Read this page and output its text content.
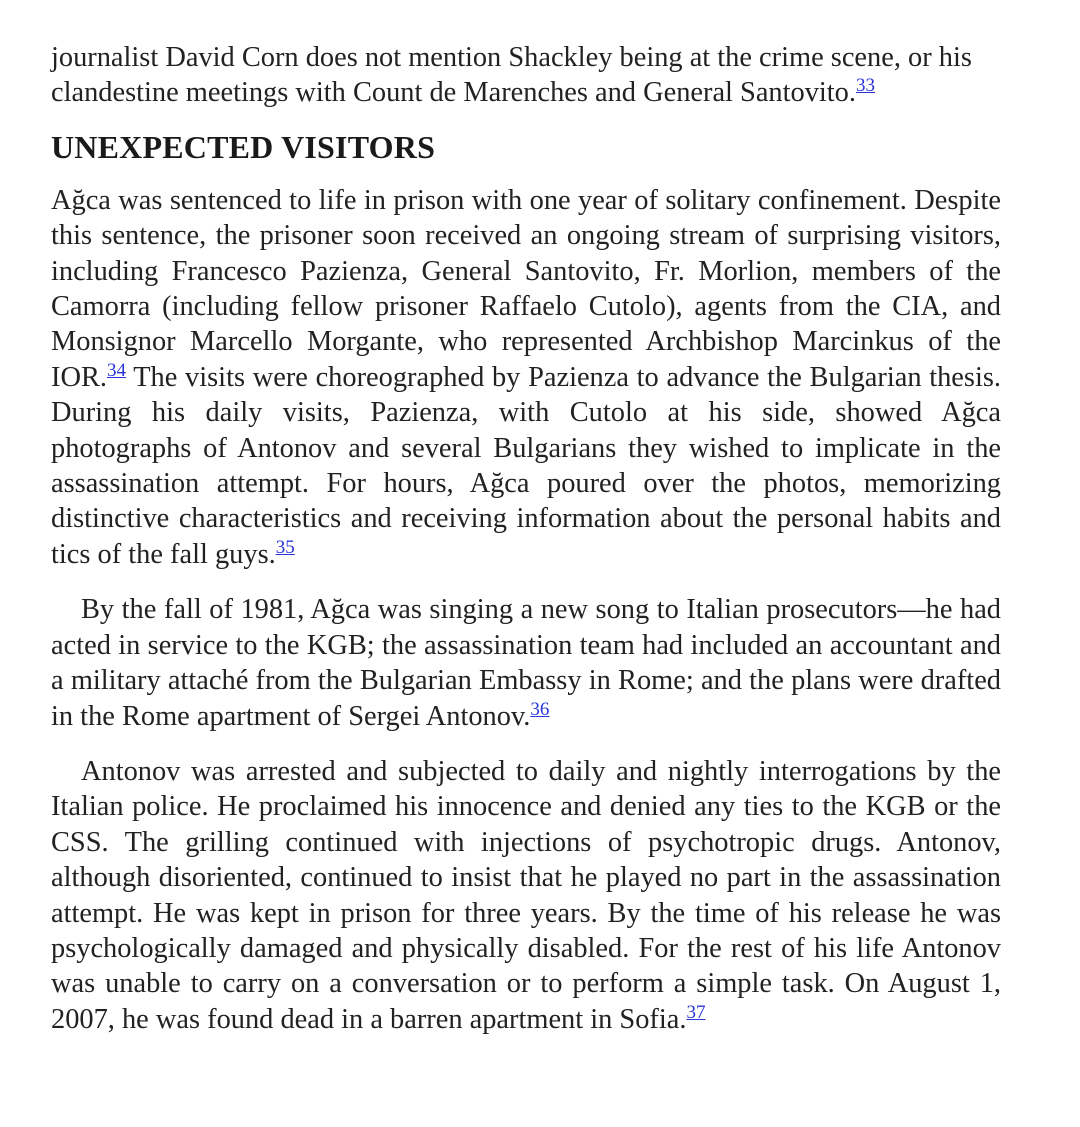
journalist David Corn does not mention Shackley being at the crime scene, or his clandestine meetings with Count de Marenches and General Santovito.$^{33}$

UNEXPECTED VISITORS

Ağca was sentenced to life in prison with one year of solitary confinement. Despite this sentence, the prisoner soon received an ongoing stream of surprising visitors, including Francesco Pazienza, General Santovito, Fr. Morlion, members of the Camorra (including fellow prisoner Raffaelo Cutolo), agents from the CIA, and Monsignor Marcello Morgante, who represented Archbishop Marcinkus of the IOR.$^{34}$ The visits were choreographed by Pazienza to advance the Bulgarian thesis. During his daily visits, Pazienza, with Cutolo at his side, showed Ağca photographs of Antonov and several Bulgarians they wished to implicate in the assassination attempt. For hours, Ağca poured over the photos, memorizing distinctive characteristics and receiving information about the personal habits and tics of the fall guys.$^{35}$

By the fall of 1981, Ağca was singing a new song to Italian prosecutors—he had acted in service to the KGB; the assassination team had included an accountant and a military attaché from the Bulgarian Embassy in Rome; and the plans were drafted in the Rome apartment of Sergei Antonov.$^{36}$

Antonov was arrested and subjected to daily and nightly interrogations by the Italian police. He proclaimed his innocence and denied any ties to the KGB or the CSS. The grilling continued with injections of psychotropic drugs. Antonov, although disoriented, continued to insist that he played no part in the assassination attempt. He was kept in prison for three years. By the time of his release he was psychologically damaged and physically disabled. For the rest of his life Antonov was unable to carry on a conversation or to perform a simple task. On August 1, 2007, he was found dead in a barren apartment in Sofia.$^{37}$
